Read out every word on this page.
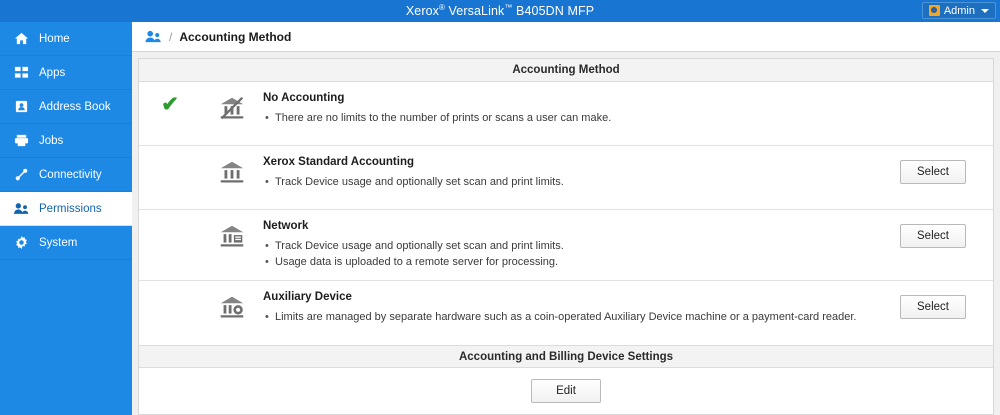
Xerox® VersaLink™ B405DN MFP	Admin
Home
Apps
Address Book
Jobs
Connectivity
Permissions
System
/ Accounting Method
Accounting Method
✔	No Accounting
• There are no limits to the number of prints or scans a user can make.
Xerox Standard Accounting
• Track Device usage and optionally set scan and print limits.
Select
Network
• Track Device usage and optionally set scan and print limits.
• Usage data is uploaded to a remote server for processing.
Select
Auxiliary Device
• Limits are managed by separate hardware such as a coin-operated Auxiliary Device machine or a payment-card reader.
Select
Accounting and Billing Device Settings
Edit
